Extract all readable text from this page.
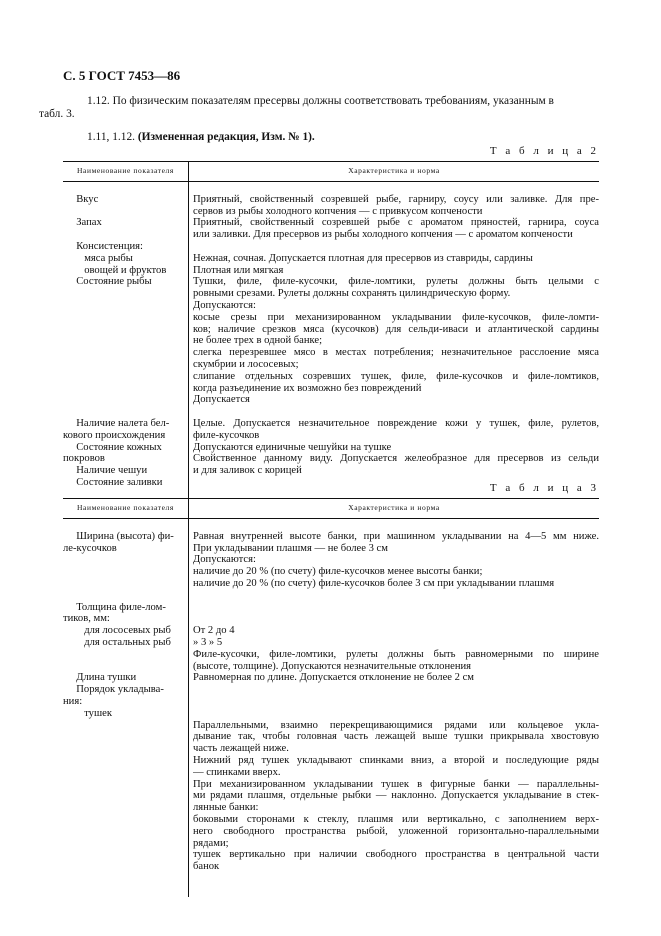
С. 5 ГОСТ 7453—86

1.12. По физическим показателям пресервы должны соответствовать требованиям, указанным в
табл. 3.

1.11, 1.12. (Измененная редакция, Изм. № 1).

Т а б л и ц а 2
Наименование показателя	Характеристика и норма
Вкус
Запах
Консистенция:
мяса рыбы
овощей и фруктов
Состояние рыбы
Наличие налета бел-
кового происхождения
Состояние кожных
покровов
Наличие чешуи
Состояние заливки
Приятный, свойственный созревшей рыбе, гарниру, соусу или заливке. Для пре-
сервов из рыбы холодного копчения — с привкусом копчености
Приятный, свойственный созревшей рыбе с ароматом пряностей, гарнира, соуса
или заливки. Для пресервов из рыбы холодного копчения — с ароматом копчености
Нежная, сочная. Допускается плотная для пресервов из ставриды, сардины
Плотная или мягкая
Тушки, филе, филе-кусочки, филе-ломтики, рулеты должны быть целыми с
ровными срезами. Рулеты должны сохранять цилиндрическую форму.
Допускаются:
косые срезы при механизированном укладывании филе-кусочков, филе-ломти-
ков; наличие срезков мяса (кусочков) для сельди-иваси и атлантической сардины
не более трех в одной банке;
слегка перезревшее мясо в местах потребления; незначительное расслоение мяса
скумбрии и лососевых;
слипание отдельных созревших тушек, филе, филе-кусочков и филе-ломтиков,
когда разъединение их возможно без повреждений
Допускается
Целые. Допускается незначительное повреждение кожи у тушек, филе, рулетов,
филе-кусочков
Допускаются единичные чешуйки на тушке
Свойственное данному виду. Допускается желеобразное для пресервов из сельди
и для заливок с корицей
Т а б л и ц а 3
Наименование показателя	Характеристика и норма
Ширина (высота) фи-
ле-кусочков
Толщина филе-лом-
тиков, мм:
для лососевых рыб
для остальных рыб
Длина тушки
Порядок укладыва-
ния:
тушек
Равная внутренней высоте банки, при машинном укладывании на 4—5 мм ниже.
При укладывании плашмя — не более 3 см
Допускаются:
наличие до 20 % (по счету) филе-кусочков менее высоты банки;
наличие до 20 % (по счету) филе-кусочков более 3 см при укладывании плашмя
От 2 до 4
» 3 » 5
Филе-кусочки, филе-ломтики, рулеты должны быть равномерными по ширине
(высоте, толщине). Допускаются незначительные отклонения
Равномерная по длине. Допускается отклонение не более 2 см
Параллельными, взаимно перекрещивающимися рядами или кольцевое укла-
дывание так, чтобы головная часть лежащей выше тушки прикрывала хвостовую
часть лежащей ниже.
Нижний ряд тушек укладывают спинками вниз, а второй и последующие ряды
— спинками вверх.
При механизированном укладывании тушек в фигурные банки — параллельны-
ми рядами плашмя, отдельные рыбки — наклонно. Допускается укладывание в стек-
лянные банки:
боковыми сторонами к стеклу, плашмя или вертикально, с заполнением верх-
него свободного пространства рыбой, уложенной горизонтально-параллельными
рядами;
тушек вертикально при наличии свободного пространства в центральной части
банок
